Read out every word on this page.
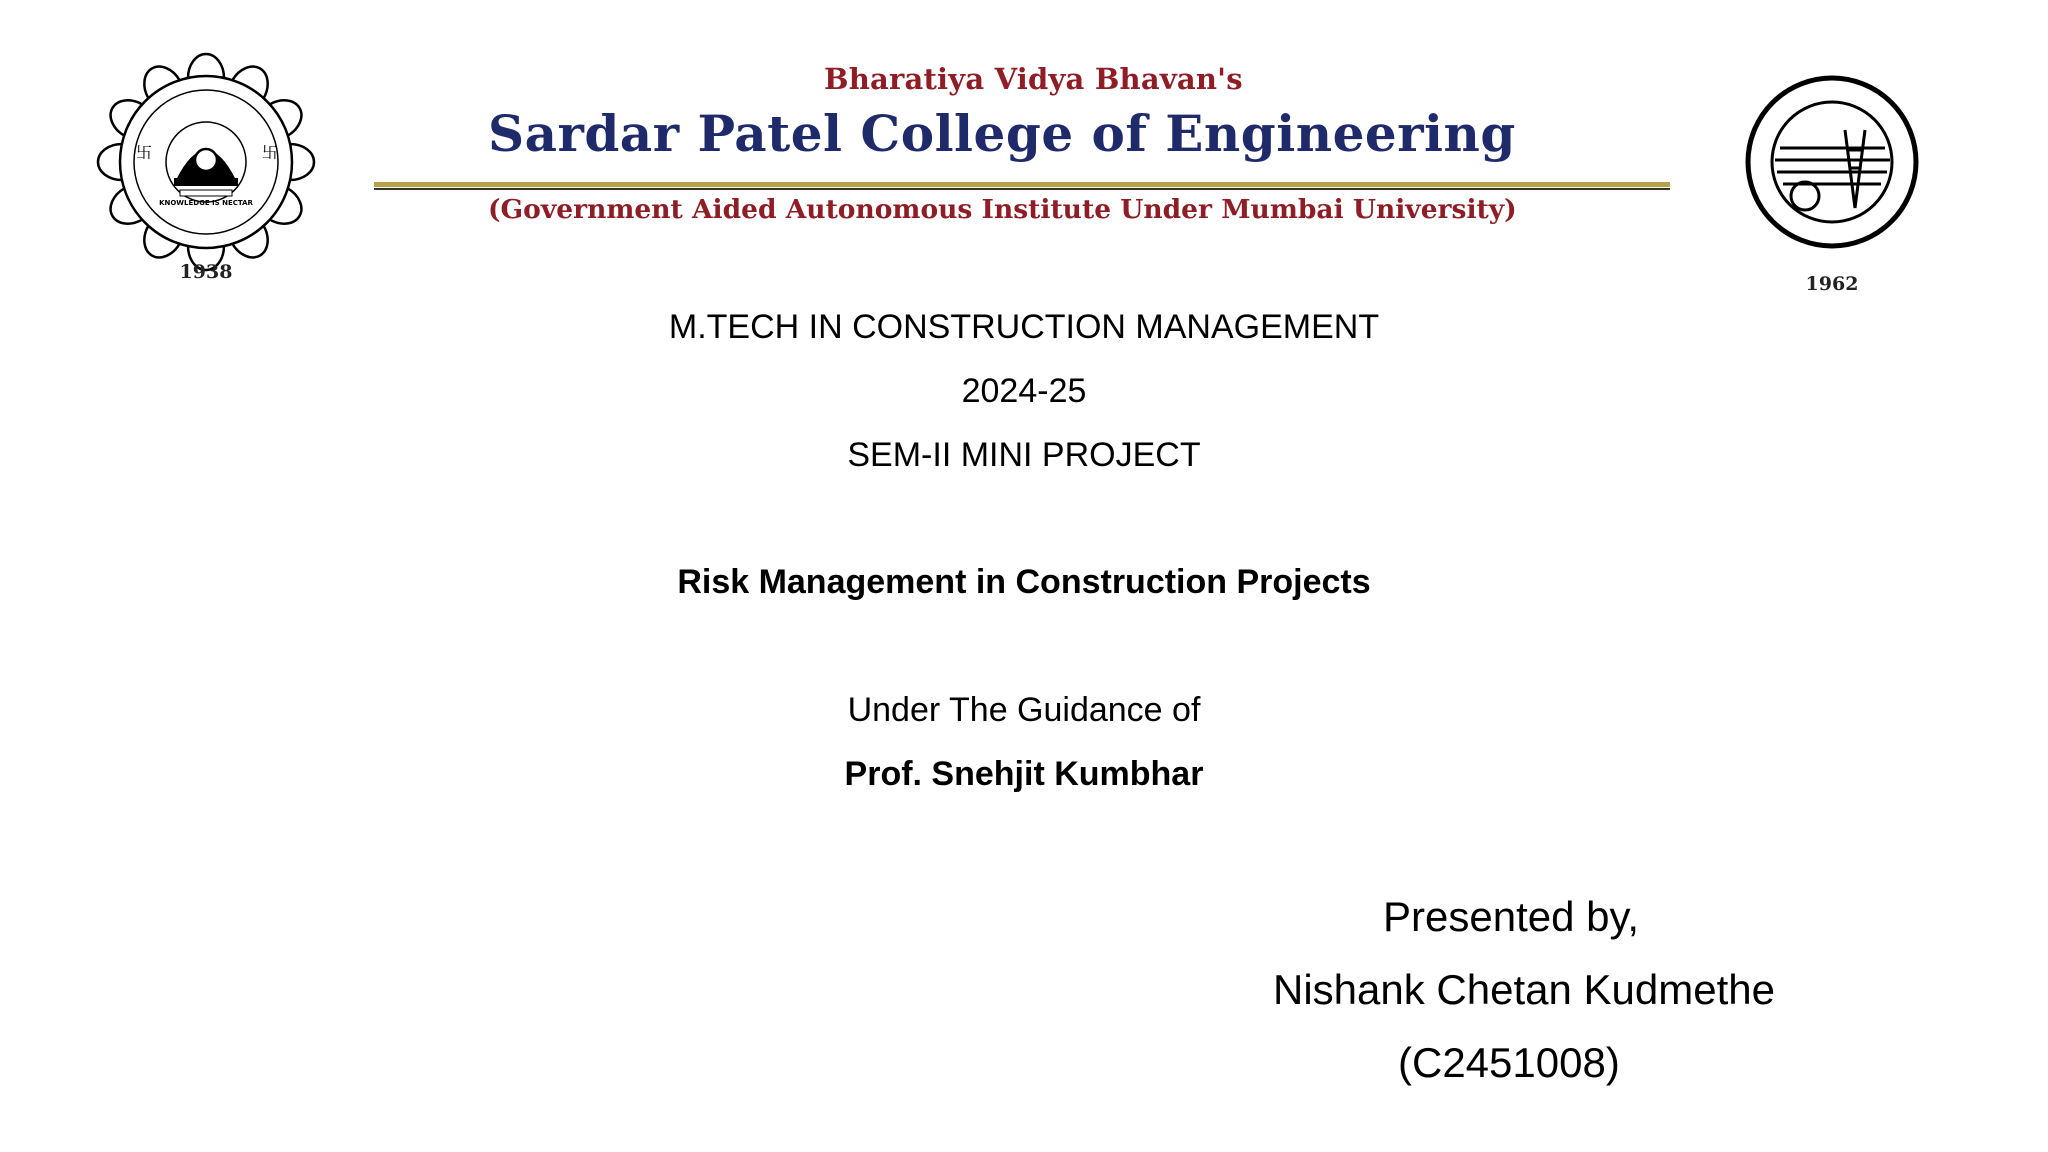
KNOWLEDGE IS NECTAR
卐	卐
1938
Bharatiya Vidya Bhavan's
Sardar Patel College of Engineering
(Government Aided Autonomous Institute Under Mumbai University)
1962
M.TECH IN CONSTRUCTION MANAGEMENT
2024-25
SEM-II MINI PROJECT
Risk Management in Construction Projects
Under The Guidance of
Prof. Snehjit Kumbhar
Presented by,
Nishank Chetan Kudmethe
(C2451008)
